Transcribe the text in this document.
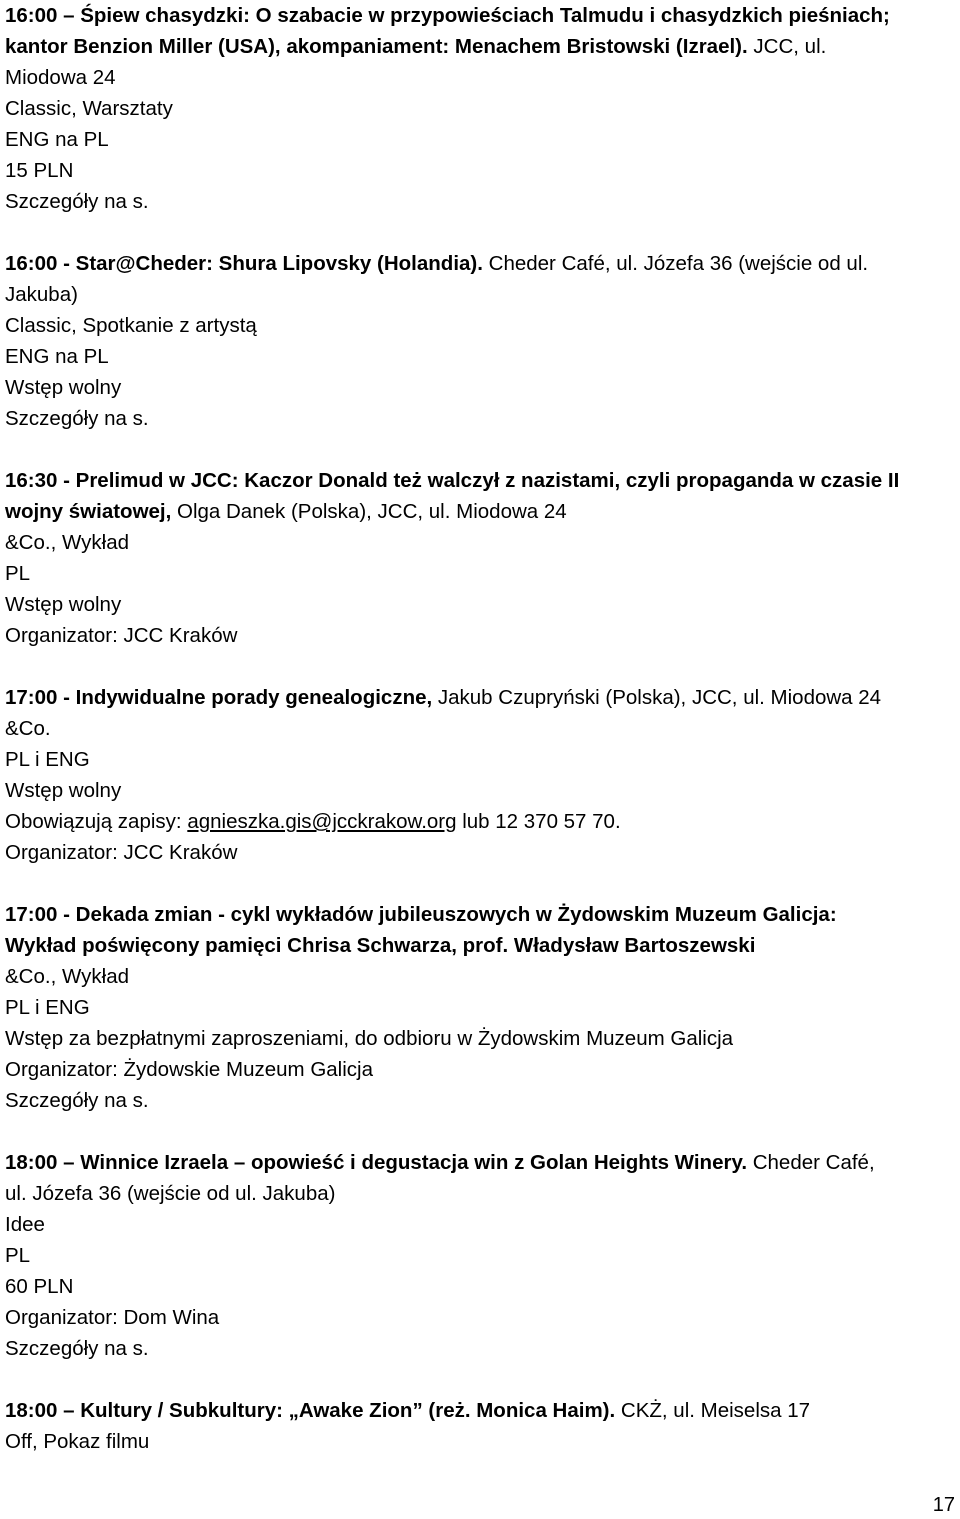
16:00 – Śpiew chasydzki: O szabacie w przypowieściach Talmudu i chasydzkich pieśniach;
kantor Benzion Miller (USA), akompaniament: Menachem Bristowski (Izrael). JCC, ul.
Miodowa 24
Classic, Warsztaty
ENG na PL
15 PLN
Szczegóły na s.
16:00 - Star@Cheder: Shura Lipovsky (Holandia). Cheder Café, ul. Józefa 36 (wejście od ul.
Jakuba)
Classic, Spotkanie z artystą
ENG na PL
Wstęp wolny
Szczegóły na s.
16:30 - Prelimud w JCC: Kaczor Donald też walczył z nazistami, czyli propaganda w czasie II
wojny światowej, Olga Danek (Polska), JCC, ul. Miodowa 24
&Co., Wykład
PL
Wstęp wolny
Organizator: JCC Kraków
17:00 - Indywidualne porady genealogiczne, Jakub Czupryński (Polska), JCC, ul. Miodowa 24
&Co.
PL i ENG
Wstęp wolny
Obowiązują zapisy: agnieszka.gis@jcckrakow.org lub 12 370 57 70.
Organizator: JCC Kraków
17:00 - Dekada zmian - cykl wykładów jubileuszowych w Żydowskim Muzeum Galicja:
Wykład poświęcony pamięci Chrisa Schwarza, prof. Władysław Bartoszewski
&Co., Wykład
PL i ENG
Wstęp za bezpłatnymi zaproszeniami, do odbioru w Żydowskim Muzeum Galicja
Organizator: Żydowskie Muzeum Galicja
Szczegóły na s.
18:00 – Winnice Izraela – opowieść i degustacja win z Golan Heights Winery. Cheder Café,
ul. Józefa 36 (wejście od ul. Jakuba)
Idee
PL
60 PLN
Organizator: Dom Wina
Szczegóły na s.
18:00 – Kultury / Subkultury: „Awake Zion” (reż. Monica Haim). CKŻ, ul. Meiselsa 17
Off, Pokaz filmu
17
